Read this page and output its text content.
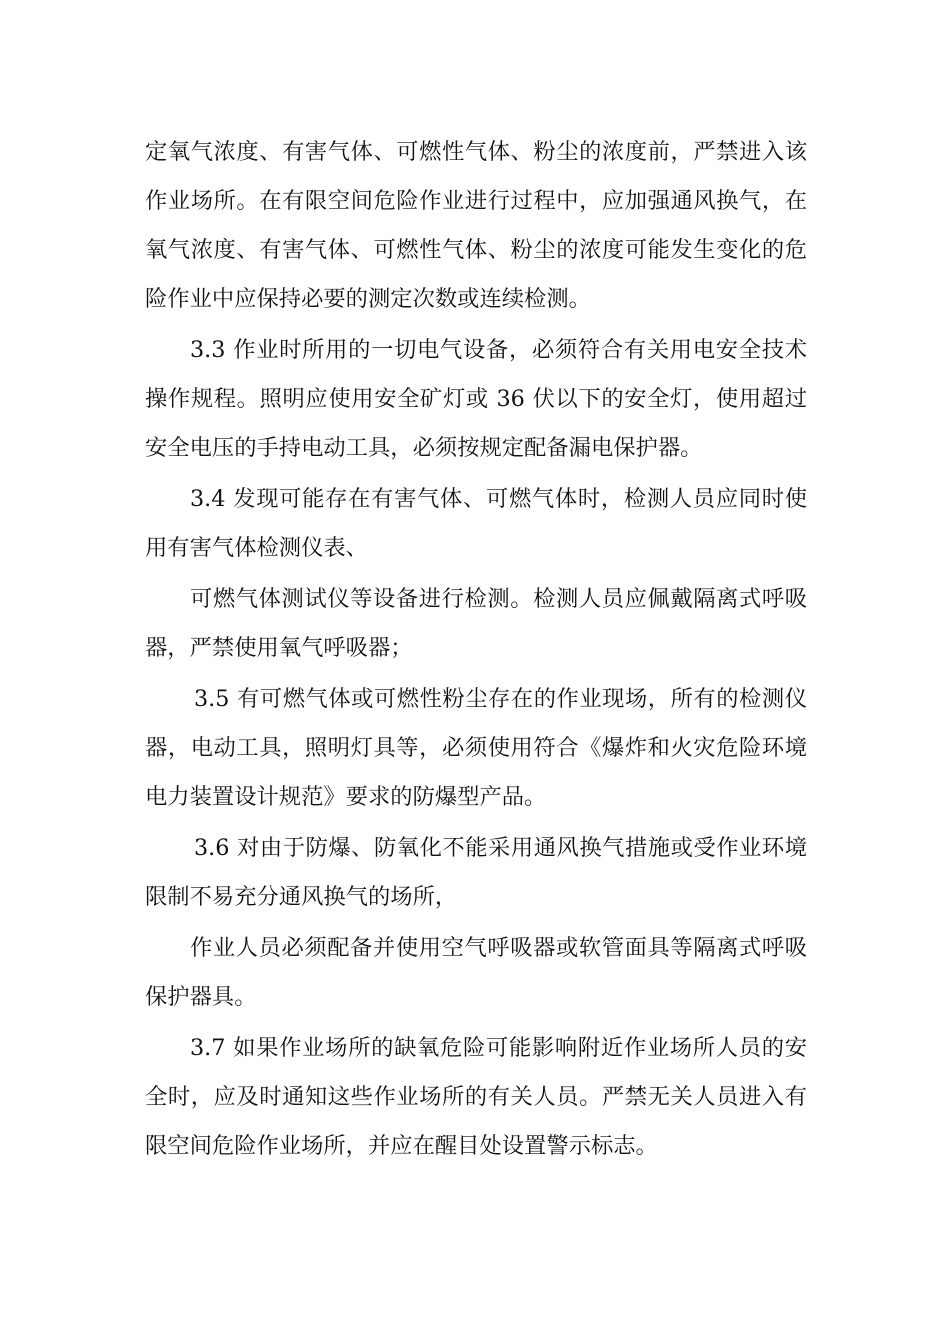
定氧气浓度、有害气体、可燃性气体、粉尘的浓度前，严禁进入该作业场所。在有限空间危险作业进行过程中，应加强通风换气，在氧气浓度、有害气体、可燃性气体、粉尘的浓度可能发生变化的危险作业中应保持必要的测定次数或连续检测。

3.3 作业时所用的一切电气设备，必须符合有关用电安全技术操作规程。照明应使用安全矿灯或 36 伏以下的安全灯，使用超过安全电压的手持电动工具，必须按规定配备漏电保护器。

3.4 发现可能存在有害气体、可燃气体时，检测人员应同时使用有害气体检测仪表、

可燃气体测试仪等设备进行检测。检测人员应佩戴隔离式呼吸器，严禁使用氧气呼吸器；

3.5 有可燃气体或可燃性粉尘存在的作业现场，所有的检测仪器，电动工具，照明灯具等，必须使用符合《爆炸和火灾危险环境电力装置设计规范》要求的防爆型产品。

3.6 对由于防爆、防氧化不能采用通风换气措施或受作业环境限制不易充分通风换气的场所，

作业人员必须配备并使用空气呼吸器或软管面具等隔离式呼吸保护器具。

3.7 如果作业场所的缺氧危险可能影响附近作业场所人员的安全时，应及时通知这些作业场所的有关人员。严禁无关人员进入有限空间危险作业场所，并应在醒目处设置警示标志。
